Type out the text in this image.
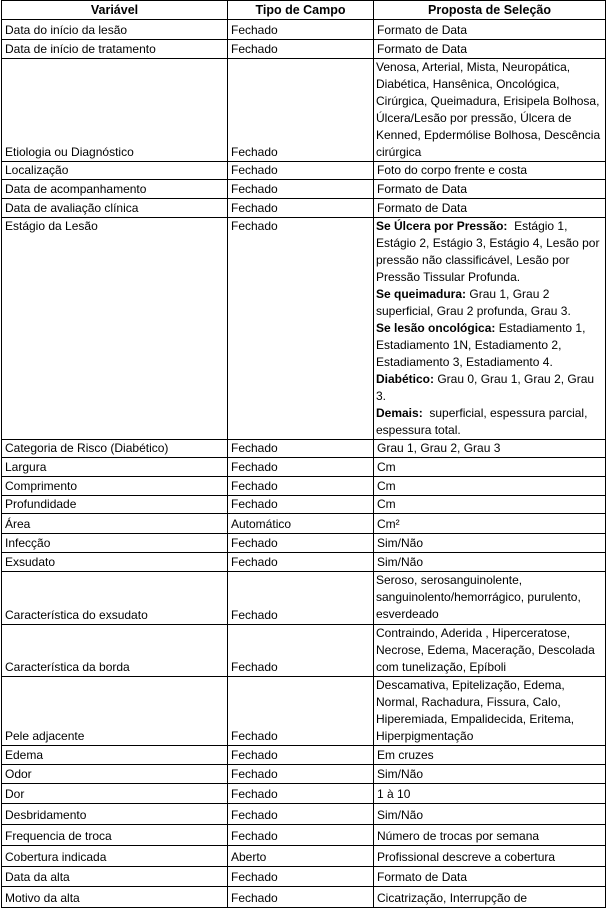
Variável	Tipo de Campo	Proposta de Seleção
Data do início da lesão	Fechado	Formato de Data
Data de início de tratamento	Fechado	Formato de Data
Etiologia ou Diagnóstico	Fechado	Venosa, Arterial, Mista, Neuropática, Diabética, Hansênica, Oncológica, Cirúrgica, Queimadura, Erisipela Bolhosa, Úlcera/Lesão por pressão, Úlcera de Kenned, Epdermólise Bolhosa, Descência cirúrgica
Localização	Fechado	Foto do corpo frente e costa
Data de acompanhamento	Fechado	Formato de Data
Data de avaliação clínica	Fechado	Formato de Data
Estágio da Lesão	Fechado	Se Úlcera por Pressão:  Estágio 1, Estágio 2, Estágio 3, Estágio 4, Lesão por pressão não classificável, Lesão por Pressão Tissular Profunda.
Se queimadura: Grau 1, Grau 2 superficial, Grau 2 profunda, Grau 3.
Se lesão oncológica: Estadiamento 1, Estadiamento 1N, Estadiamento 2, Estadiamento 3, Estadiamento 4.
Diabético: Grau 0, Grau 1, Grau 2, Grau 3.
Demais:  superficial, espessura parcial, espessura total.

Categoria de Risco (Diabético)	Fechado	Grau 1, Grau 2, Grau 3
Largura	Fechado	Cm
Comprimento	Fechado	Cm
Profundidade	Fechado	Cm
Área	Automático	Cm²
Infecção	Fechado	Sim/Não
Exsudato	Fechado	Sim/Não
Característica do exsudato	Fechado	Seroso, serosanguinolente, sanguinolento/hemorrágico, purulento, esverdeado
Característica da borda	Fechado	Contraindo, Aderida , Hiperceratose, Necrose, Edema, Maceração, Descolada com tunelização, Epíboli
Pele adjacente	Fechado	Descamativa, Epitelização, Edema, Normal, Rachadura, Fissura, Calo, Hiperemiada, Empalidecida, Eritema, Hiperpigmentação
Edema	Fechado	Em cruzes
Odor	Fechado	Sim/Não
Dor	Fechado	1 à 10
Desbridamento	Fechado	Sim/Não
Frequencia de troca	Fechado	Número de trocas por semana
Cobertura indicada	Aberto	Profissional descreve a cobertura
Data da alta	Fechado	Formato de Data
Motivo da alta	Fechado	Cicatrização, Interrupção de
